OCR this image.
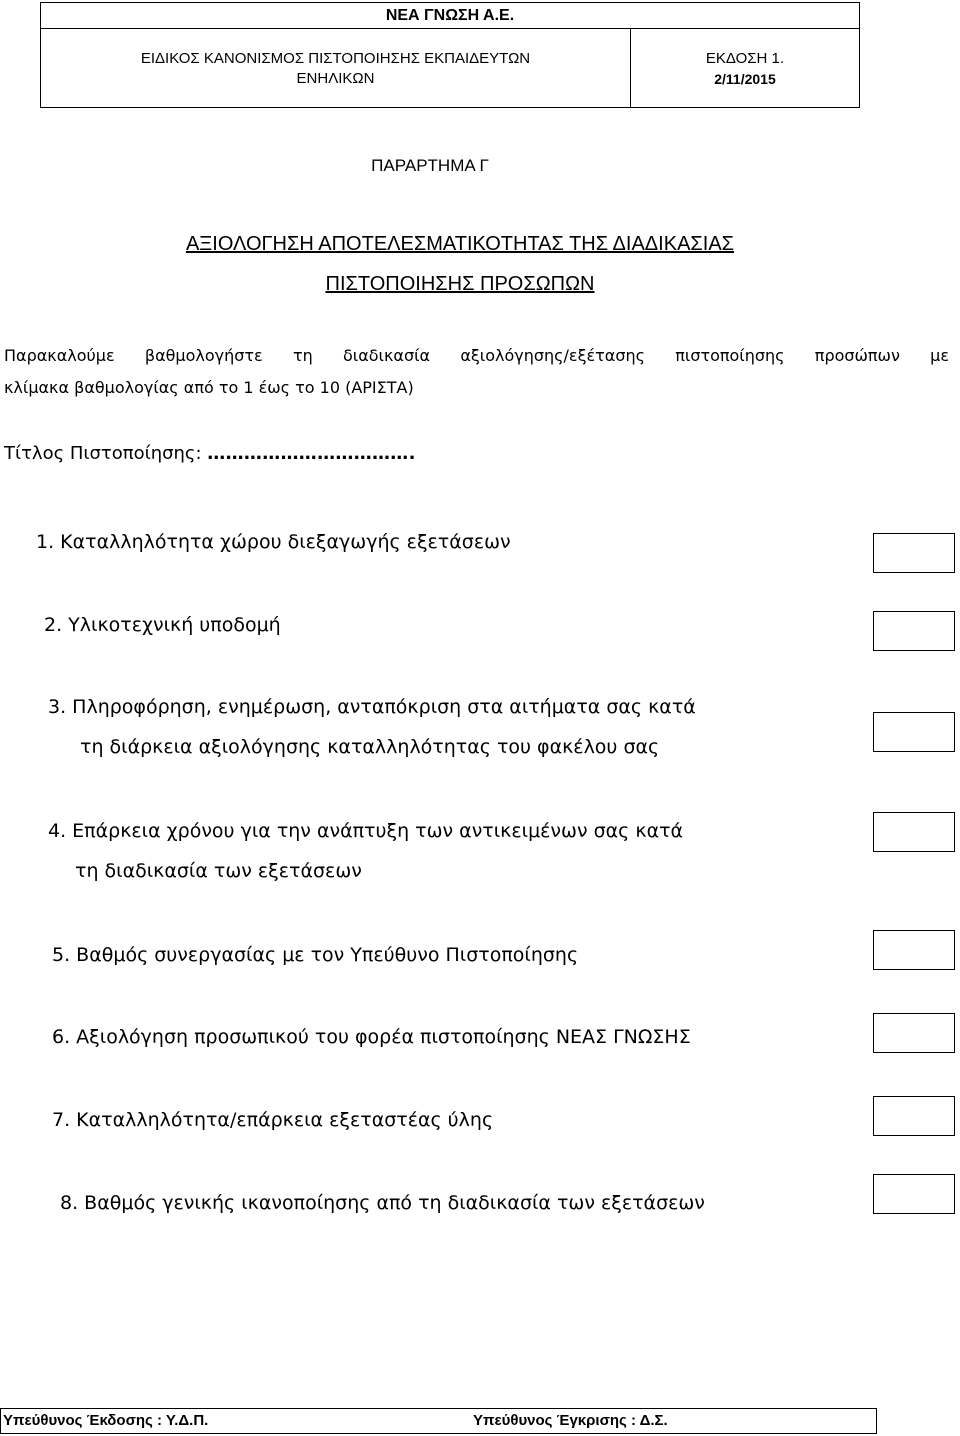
ΝΕΑ ΓΝΩΣΗ Α.Ε.
ΕΙΔΙΚΟΣ ΚΑΝΟΝΙΣΜΟΣ ΠΙΣΤΟΠΟΙΗΣΗΣ ΕΚΠΑΙΔΕΥΤΩΝ
ΕΝΗΛΙΚΩΝ
ΕΚΔΟΣΗ 1.
2/11/2015
ΠΑΡΑΡΤΗΜΑ Γ
ΑΞΙΟΛΟΓΗΣΗ ΑΠΟΤΕΛΕΣΜΑΤΙΚΟΤΗΤΑΣ ΤΗΣ ΔΙΑΔΙΚΑΣΙΑΣ
ΠΙΣΤΟΠΟΙΗΣΗΣ ΠΡΟΣΩΠΩΝ
Παρακαλούμε βαθμολογήστε τη διαδικασία αξιολόγησης/εξέτασης πιστοποίησης προσώπων με
κλίμακα βαθμολογίας από το 1 έως το 10 (ΑΡΙΣΤΑ)
Τίτλος Πιστοποίησης: …………………………….
1. Καταλληλότητα χώρου διεξαγωγής εξετάσεων
2. Υλικοτεχνική υποδομή
3. Πληροφόρηση, ενημέρωση, ανταπόκριση στα αιτήματα σας κατά
τη διάρκεια αξιολόγησης καταλληλότητας του φακέλου σας
4. Επάρκεια χρόνου για την ανάπτυξη των αντικειμένων σας κατά
τη διαδικασία των εξετάσεων
5. Βαθμός συνεργασίας με τον Υπεύθυνο Πιστοποίησης
6. Αξιολόγηση προσωπικού του φορέα πιστοποίησης ΝΕΑΣ ΓΝΩΣΗΣ
7. Καταλληλότητα/επάρκεια εξεταστέας ύλης
8. Βαθμός γενικής ικανοποίησης από τη διαδικασία των εξετάσεων
Υπεύθυνος Έκδοσης : Υ.Δ.Π.	Υπεύθυνος Έγκρισης : Δ.Σ.
